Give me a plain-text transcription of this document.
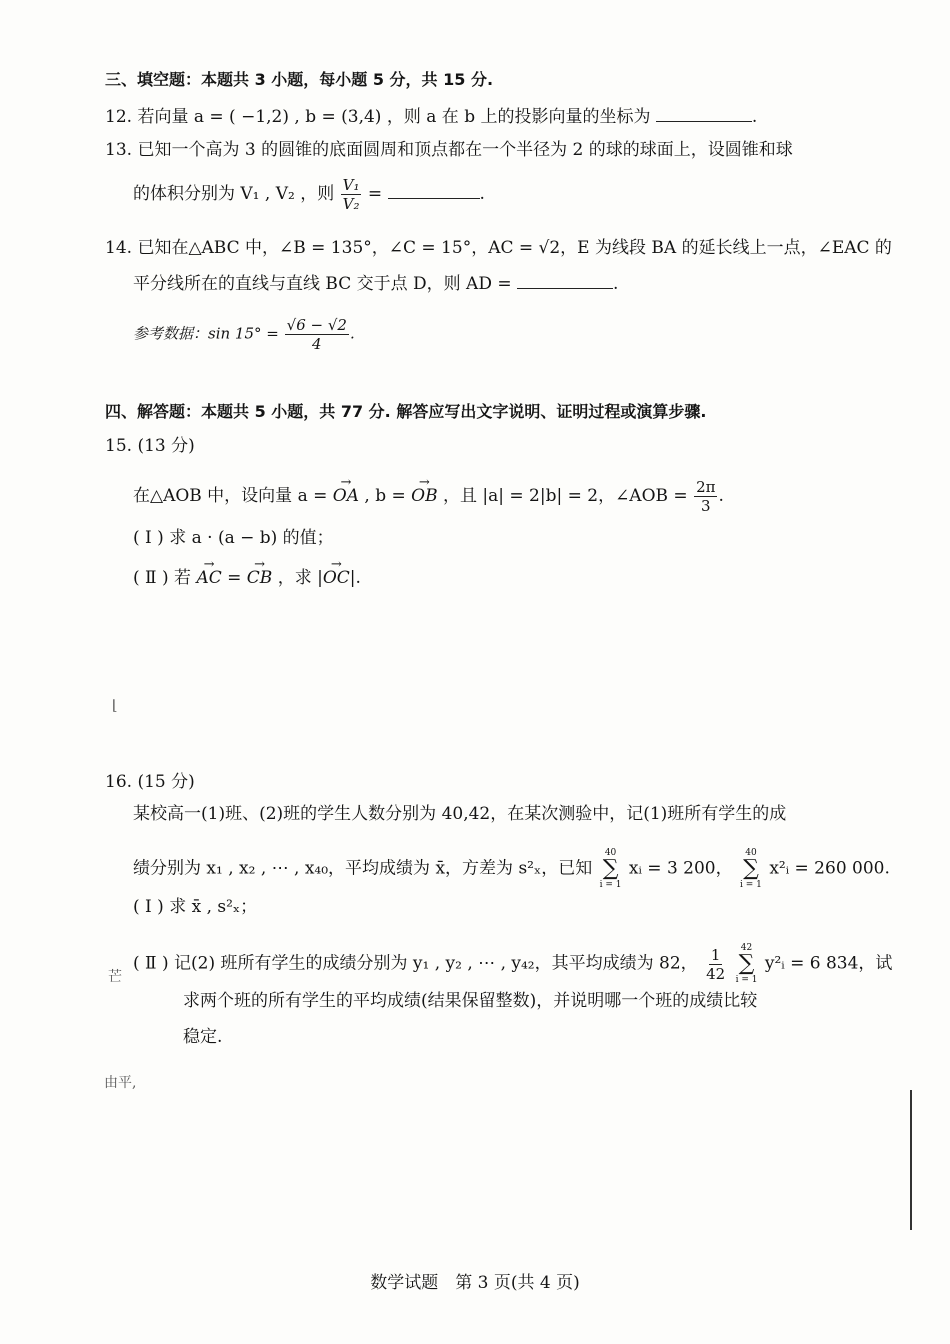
三、填空题：本题共 3 小题，每小题 5 分，共 15 分.
12. 若向量 a = ( −1,2) , b = (3,4) ，则 a 在 b 上的投影向量的坐标为	.
13. 已知一个高为 3 的圆锥的底面圆周和顶点都在一个半径为 2 的球的球面上，设圆锥和球
的体积分别为 V₁ , V₂ ，则 $\frac{\text{V₁}}{\text{V₂}}$ =	.
14. 已知在△ABC 中，∠B = 135°，∠C = 15°，AC = √2，E 为线段 BA 的延长线上一点，∠EAC 的
平分线所在的直线与直线 BC 交于点 D，则 AD =	.
参考数据：$\sin 15^\circ = \frac{√6 - √2}{4}$ .
四、解答题：本题共 5 小题，共 77 分. 解答应写出文字说明、证明过程或演算步骤.
15. (13 分)
在△AOB 中，设向量 a = → OA , b = → OB ，且 |a| = 2|b| = 2，∠AOB = $\frac{2\pi}{3}$ .
( Ⅰ ) 求 a · (a − b) 的值；
( Ⅱ ) 若 → AC = → CB ，求 |→ OC|.
⌊
16. (15 分)
某校高一(1)班、(2)班的学生人数分别为 40,42，在某次测验中，记(1)班所有学生的成
绩分别为 x₁ , x₂ , ⋯ , x₄₀，平均成绩为 x̄，方差为 s²ₓ，已知
40
∑
i = 1
xᵢ = 3 200，
40
∑
i = 1
x²ᵢ = 260 000.
( Ⅰ ) 求 x̄ , s²ₓ；
( Ⅱ ) 记(2) 班所有学生的成绩分别为 y₁ , y₂ , ⋯ , y₄₂，其平均成绩为 82， $\frac{1}{42}$
42
∑
i = 1
y²ᵢ = 6 834，试
求两个班的所有学生的平均成绩(结果保留整数)，并说明哪一个班的成绩比较
稳定.
芒
由平,
数学试题　第 3 页(共 4 页)
